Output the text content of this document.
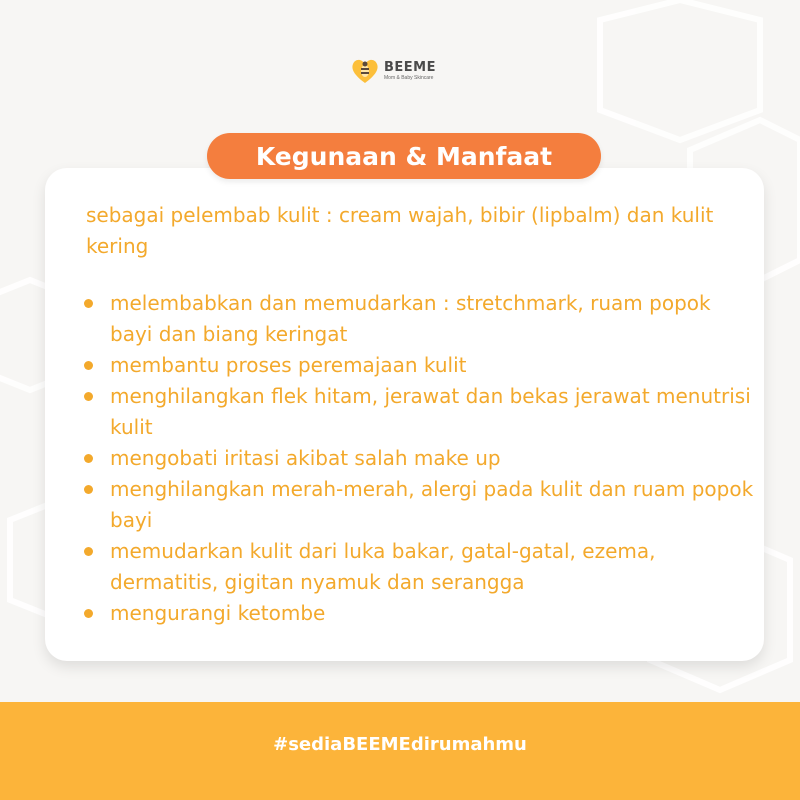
BEEME
Mom & Baby Skincare
Kegunaan & Manfaat

sebagai pelembab kulit : cream wajah, bibir (lipbalm) dan kulit kering

melembabkan dan memudarkan : stretchmark, ruam popok bayi dan biang keringat
membantu proses peremajaan kulit
menghilangkan flek hitam, jerawat dan bekas jerawat menutrisi kulit
mengobati iritasi akibat salah make up
menghilangkan merah-merah, alergi pada kulit dan ruam popok bayi
memudarkan kulit dari luka bakar, gatal-gatal, ezema, dermatitis, gigitan nyamuk dan serangga
mengurangi ketombe
#sediaBEEMEdirumahmu
